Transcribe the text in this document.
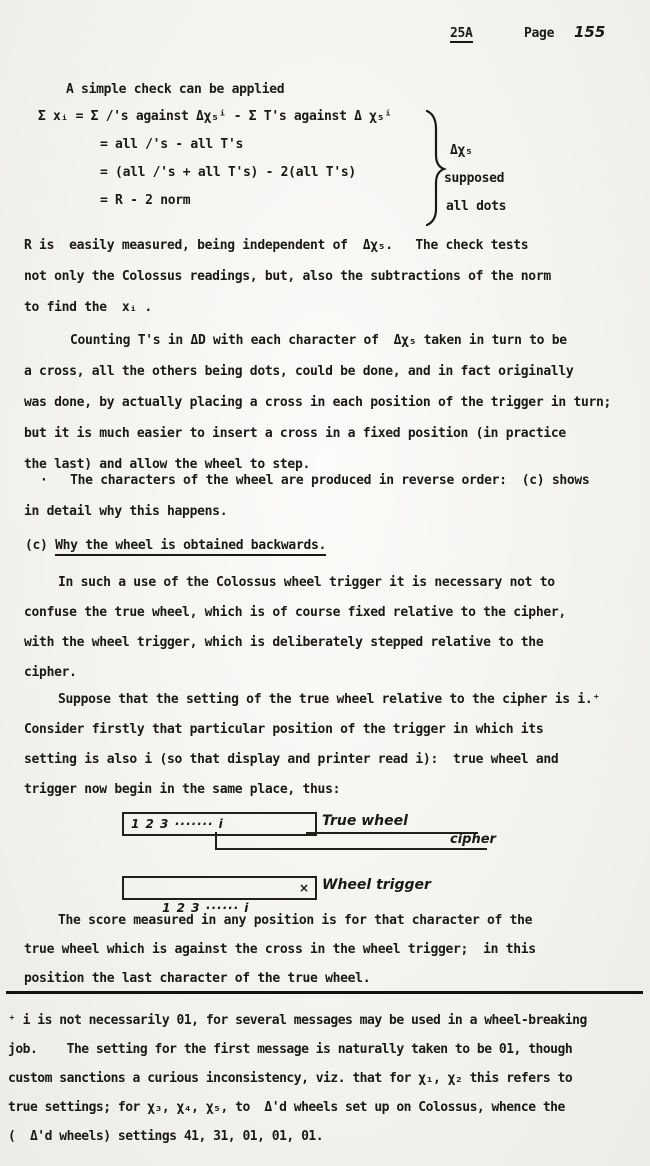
25A	Page 155
A simple check can be applied
Σ xᵢ = Σ /'s against Δχ₅ⁱ - Σ T's against Δ χ₅ⁱ
= all /'s - all T's
= (all /'s + all T's) - 2(all T's)
= R - 2 norm
Δχ₅
supposed
all dots
R is  easily measured, being independent of  Δχ₅.   The check tests
not only the Colossus readings, but, also the subtractions of the norm
to find the  xᵢ .
Counting T's in ΔD with each character of  Δχ₅ taken in turn to be
a cross, all the others being dots, could be done, and in fact originally
was done, by actually placing a cross in each position of the trigger in turn;
but it is much easier to insert a cross in a fixed position (in practice
the last) and allow the wheel to step.
·   The characters of the wheel are produced in reverse order:  (c) shows
in detail why this happens.
(c) Why the wheel is obtained backwards.
In such a use of the Colossus wheel trigger it is necessary not to
confuse the true wheel, which is of course fixed relative to the cipher,
with the wheel trigger, which is deliberately stepped relative to the
cipher.
Suppose that the setting of the true wheel relative to the cipher is i.⁺
Consider firstly that particular position of the trigger in which its
setting is also i (so that display and printer read i):  true wheel and
trigger now begin in the same place, thus:
1 2 3 ······· i	True wheel
cipher

1 2 3 ······ i

×

Wheel trigger
The score measured in any position is for that character of the
true wheel which is against the cross in the wheel trigger;  in this
position the last character of the true wheel.
⁺ i is not necessarily 01, for several messages may be used in a wheel-breaking
job.    The setting for the first message is naturally taken to be 01, though
custom sanctions a curious inconsistency, viz. that for χ₁, χ₂ this refers to
true settings; for χ₃, χ₄, χ₅, to  Δ'd wheels set up on Colossus, whence the
(  Δ'd wheels) settings 41, 31, 01, 01, 01.
